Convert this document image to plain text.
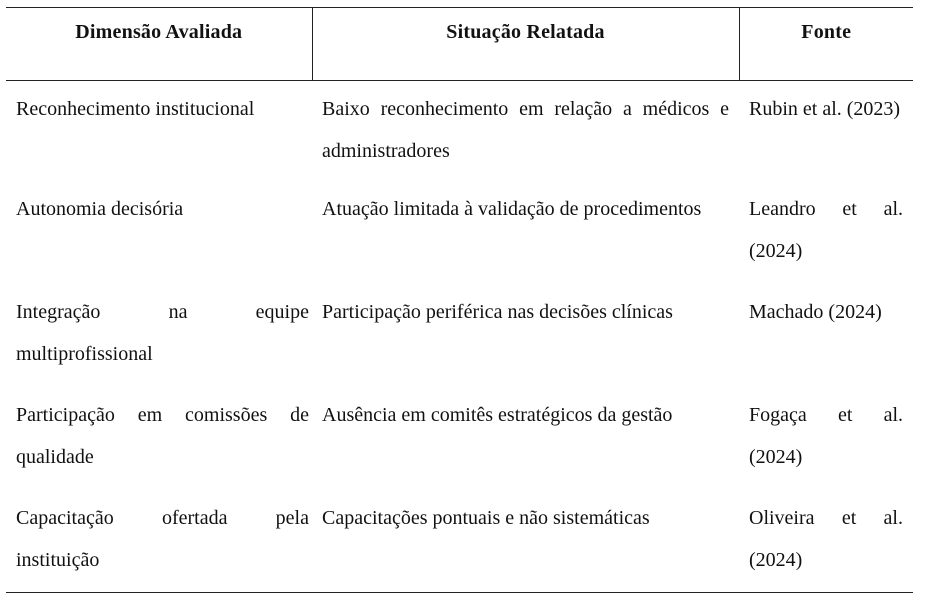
Dimensão Avaliada	Situação Relatada	Fonte
Reconhecimento institucional	Baixo reconhecimento em relação a médicos e administradores	Rubin et al. (2023)
Autonomia decisória	Atuação limitada à validação de procedimentos	Leandro et al. (2024)
Integração na equipe multiprofissional	Participação periférica nas decisões clínicas	Machado (2024)
Participação em comissões de qualidade	Ausência em comitês estratégicos da gestão	Fogaça et al. (2024)
Capacitação ofertada pela instituição	Capacitações pontuais e não sistemáticas	Oliveira et al. (2024)
